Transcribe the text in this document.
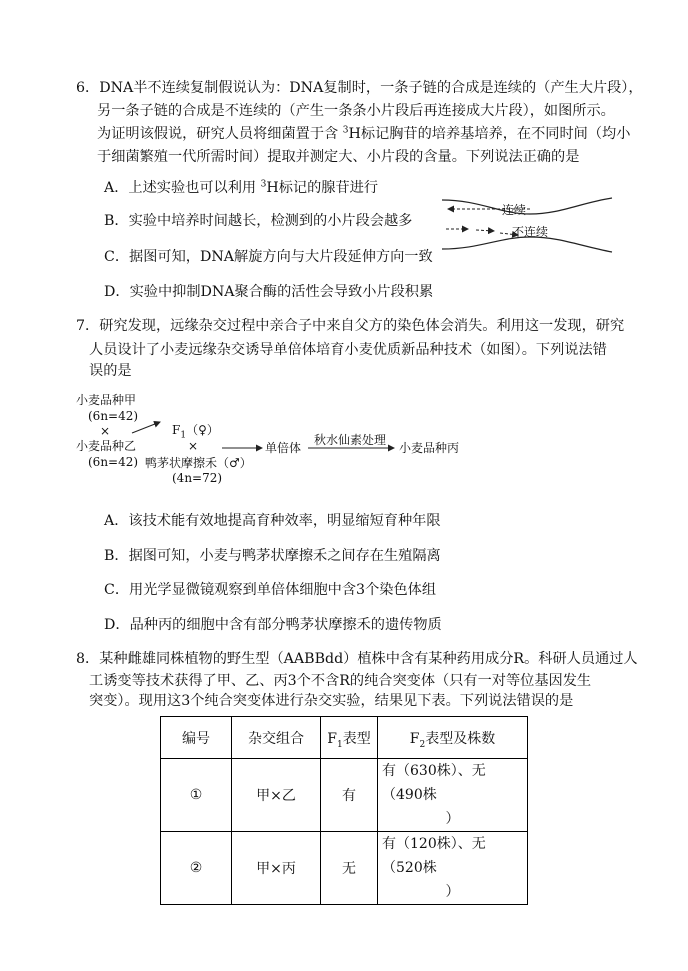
6．DNA半不连续复制假说认为：DNA复制时，一条子链的合成是连续的（产生大片段），
另一条子链的合成是不连续的（产生一条条小片段后再连接成大片段），如图所示。
为证明该假说，研究人员将细菌置于含 $^3$H标记胸苷的培养基培养，在不同时间（均小
于细菌繁殖一代所需时间）提取并测定大、小片段的含量。下列说法正确的是
A．上述实验也可以利用 $^3$H标记的腺苷进行
B．实验中培养时间越长，检测到的小片段会越多
C．据图可知，DNA解旋方向与大片段延伸方向一致
D．实验中抑制DNA聚合酶的活性会导致小片段积累
连续
不连续
7．研究发现，远缘杂交过程中亲合子中来自父方的染色体会消失。利用这一发现，研究
人员设计了小麦远缘杂交诱导单倍体培育小麦优质新品种技术（如图）。下列说法错
误的是
小麦品种甲
(6n=42)
×
小麦品种乙
(6n=42)
$F_1(♀)$
×
鸭茅状摩擦禾（♂）
(4n=72)
单倍体
秋水仙素处理
小麦品种丙
A．该技术能有效地提高育种效率，明显缩短育种年限
B．据图可知，小麦与鸭茅状摩擦禾之间存在生殖隔离
C．用光学显微镜观察到单倍体细胞中含3个染色体组
D．品种丙的细胞中含有部分鸭茅状摩擦禾的遗传物质
8．某种雌雄同株植物的野生型（AABBdd）植株中含有某种药用成分R。科研人员通过人
工诱变等技术获得了甲、乙、丙3个不含R的纯合突变体（只有一对等位基因发生
突变）。现用这3个纯合突变体进行杂交实验，结果见下表。下列说法错误的是
编号	杂交组合	$F_1$表型	$F_2$表型及株数
①	甲×乙	有	有（630株）、无（490株
）

②	甲×丙	无	有（120株）、无（520株
）
